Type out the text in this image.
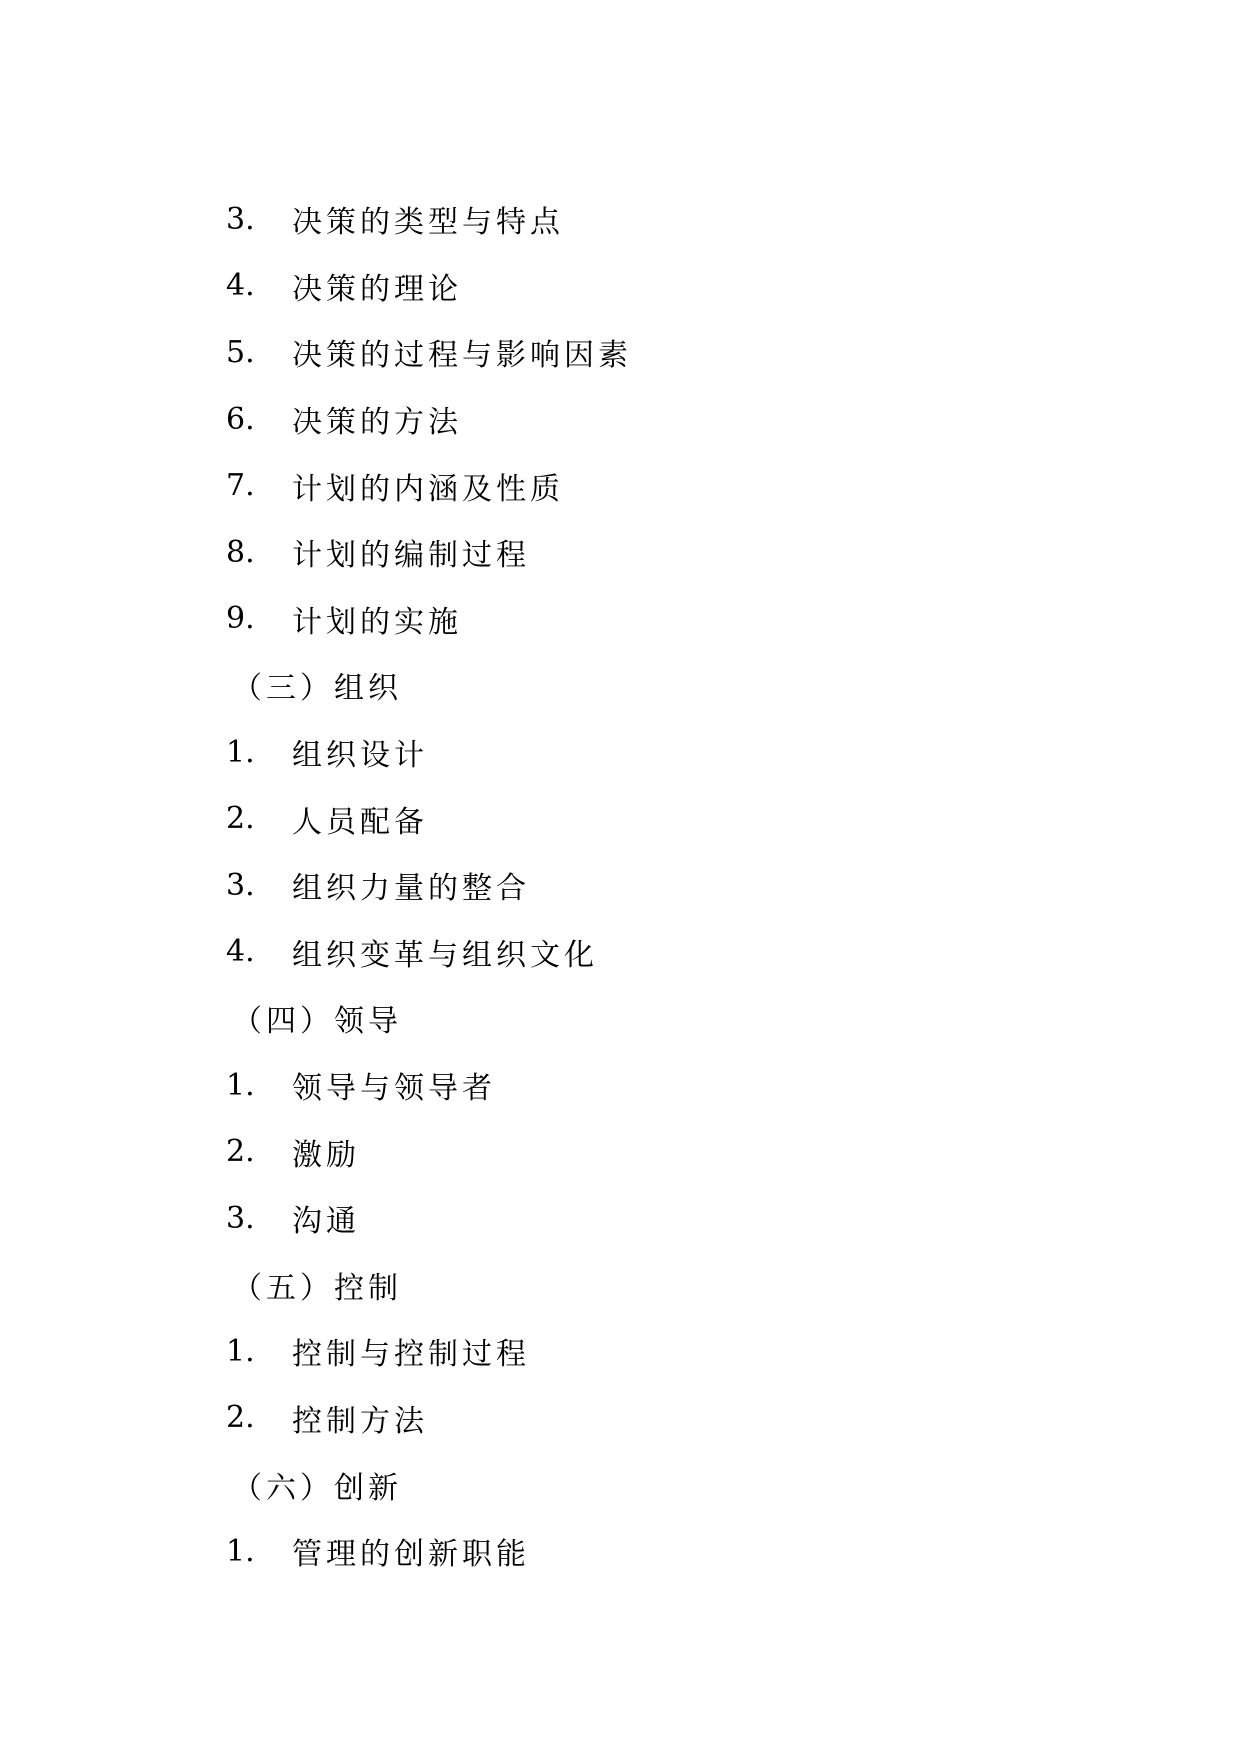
3.	决策的类型与特点
4.	决策的理论
5.	决策的过程与影响因素
6.	决策的方法
7.	计划的内涵及性质
8.	计划的编制过程
9.	计划的实施
（三）组织
1.	组织设计
2.	人员配备
3.	组织力量的整合
4.	组织变革与组织文化
（四）领导
1.	领导与领导者
2.	激励
3.	沟通
（五）控制
1.	控制与控制过程
2.	控制方法
（六）创新
1.	管理的创新职能
